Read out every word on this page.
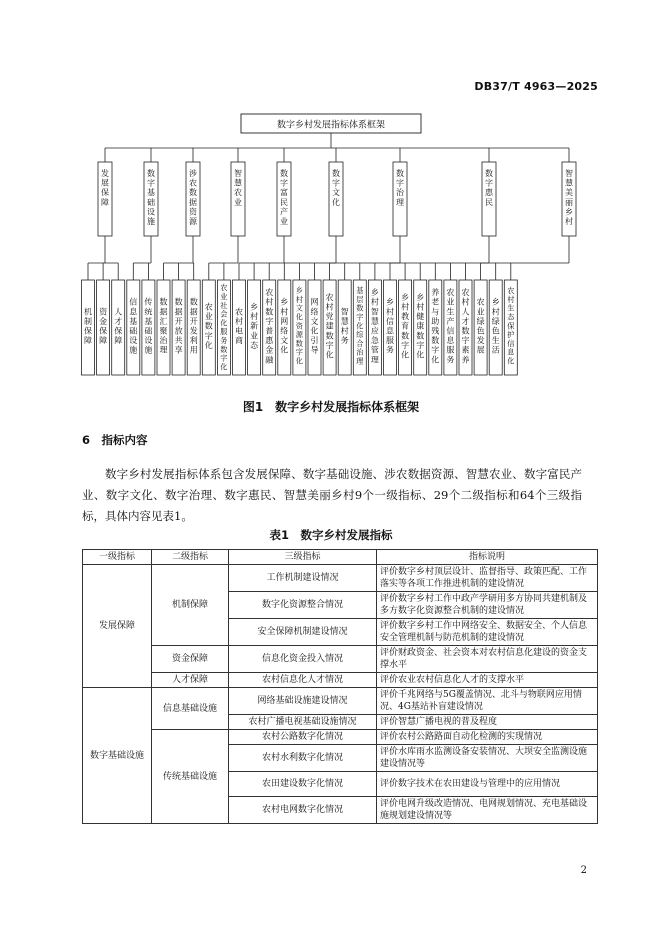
DB37/T 4963—2025
数字乡村发展指标体系框架
发
展
保
障
机
制
保
障
资
金
保
障
人
才
保
障
数
字
基
础
设
施
信
息
基
础
设
施
传
统
基
础
设
施
涉
农
数
据
资
源
数
据
汇
聚
治
理
数
据
开
放
共
享
数
据
开
发
利
用
智
慧
农
业
农
业
数
字
化
农
业
社
会
化
服
务
数
字
化
数
字
富
民
产
业
农
村
电
商
乡
村
新
业
态
农
村
数
字
普
惠
金
融
数
字
文
化
乡
村
网
络
文
化
乡
村
文
化
资
源
数
字
化
网
络
文
化
引
导
数
字
治
理
农
村
党
建
数
字
化
智
慧
村
务
基
层
数
字
化
综
合
治
理
乡
村
智
慧
应
急
管
理
数
字
惠
民
乡
村
信
息
服
务
乡
村
教
育
数
字
化
乡
村
健
康
数
字
化
养
老
与
助
残
数
字
化
农
业
生
产
信
息
服
务
农
村
人
才
数
字
素
养
智
慧
美
丽
乡
村
农
业
绿
色
发
展
乡
村
绿
色
生
活
农
村
生
态
保
护
信
息
化
图1　数字乡村发展指标体系框架
6　指标内容

数字乡村发展指标体系包含发展保障、数字基础设施、涉农数据资源、智慧农业、数字富民产业、数字文化、数字治理、数字惠民、智慧美丽乡村9个一级指标、29个二级指标和64个三级指标，具体内容见表1。

表1　数字乡村发展指标
一级指标	二级指标	三级指标	指标说明
发展保障	机制保障	工作机制建设情况	评价数字乡村顶层设计、监督指导、政策匹配、工作落实等各项工作推进机制的建设情况
		数字化资源整合情况	评价数字乡村工作中政产学研用多方协同共建机制及多方数字化资源整合机制的建设情况
		安全保障机制建设情况	评价数字乡村工作中网络安全、数据安全、个人信息安全管理机制与防范机制的建设情况
	资金保障	信息化资金投入情况	评价财政资金、社会资本对农村信息化建设的资金支撑水平
	人才保障	农村信息化人才情况	评价农业农村信息化人才的支撑水平
数字基础设施	信息基础设施	网络基础设施建设情况	评价千兆网络与5G覆盖情况、北斗与物联网应用情况、4G基站补盲建设情况
		农村广播电视基础设施情况	评价智慧广播电视的普及程度
	传统基础设施	农村公路数字化情况	评价农村公路路面自动化检测的实现情况
		农村水利数字化情况	评价水库雨水监测设备安装情况、大坝安全监测设施建设情况等
		农田建设数字化情况	评价数字技术在农田建设与管理中的应用情况
		农村电网数字化情况	评价电网升级改造情况、电网规划情况、充电基础设施规划建设情况等
2
